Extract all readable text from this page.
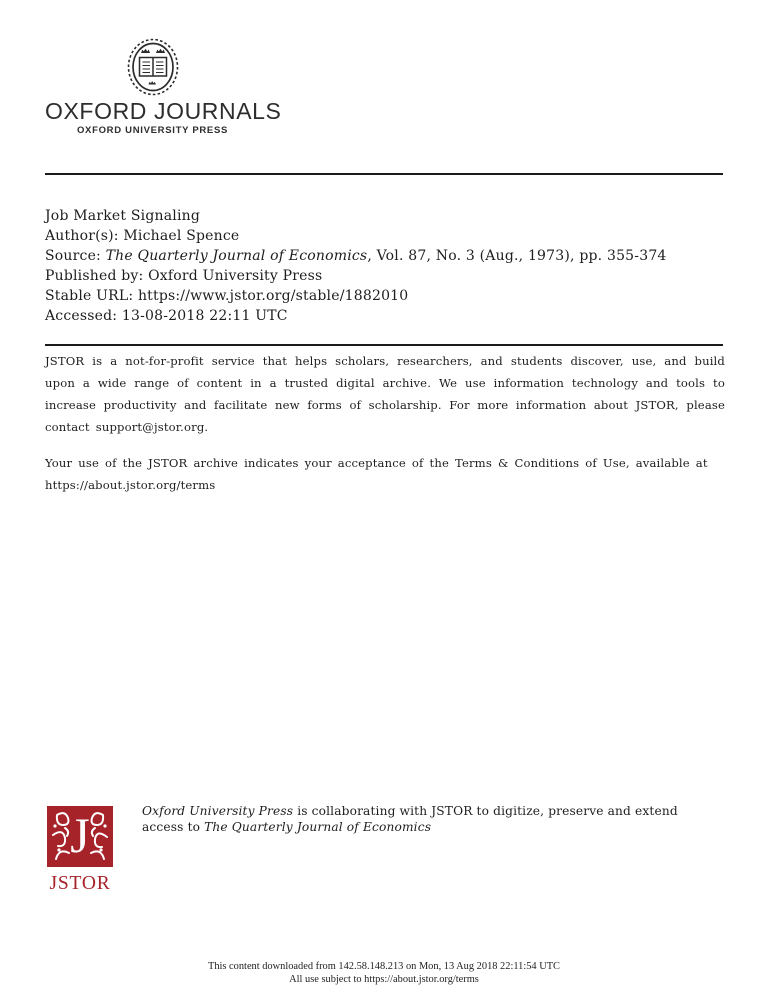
OXFORD JOURNALS
OXFORD UNIVERSITY PRESS
Job Market Signaling
Author(s): Michael Spence
Source: The Quarterly Journal of Economics, Vol. 87, No. 3 (Aug., 1973), pp. 355-374
Published by: Oxford University Press
Stable URL: https://www.jstor.org/stable/1882010
Accessed: 13-08-2018 22:11 UTC

JSTOR is a not-for-profit service that helps scholars, researchers, and students discover, use, and build upon a wide range of content in a trusted digital archive. We use information technology and tools to increase productivity and facilitate new forms of scholarship. For more information about JSTOR, please contact support@jstor.org.

Your use of the JSTOR archive indicates your acceptance of the Terms & Conditions of Use, available at https://about.jstor.org/terms

J
JSTOR
Oxford University Press is collaborating with JSTOR to digitize, preserve and extend access to The Quarterly Journal of Economics
This content downloaded from 142.58.148.213 on Mon, 13 Aug 2018 22:11:54 UTC
All use subject to https://about.jstor.org/terms
